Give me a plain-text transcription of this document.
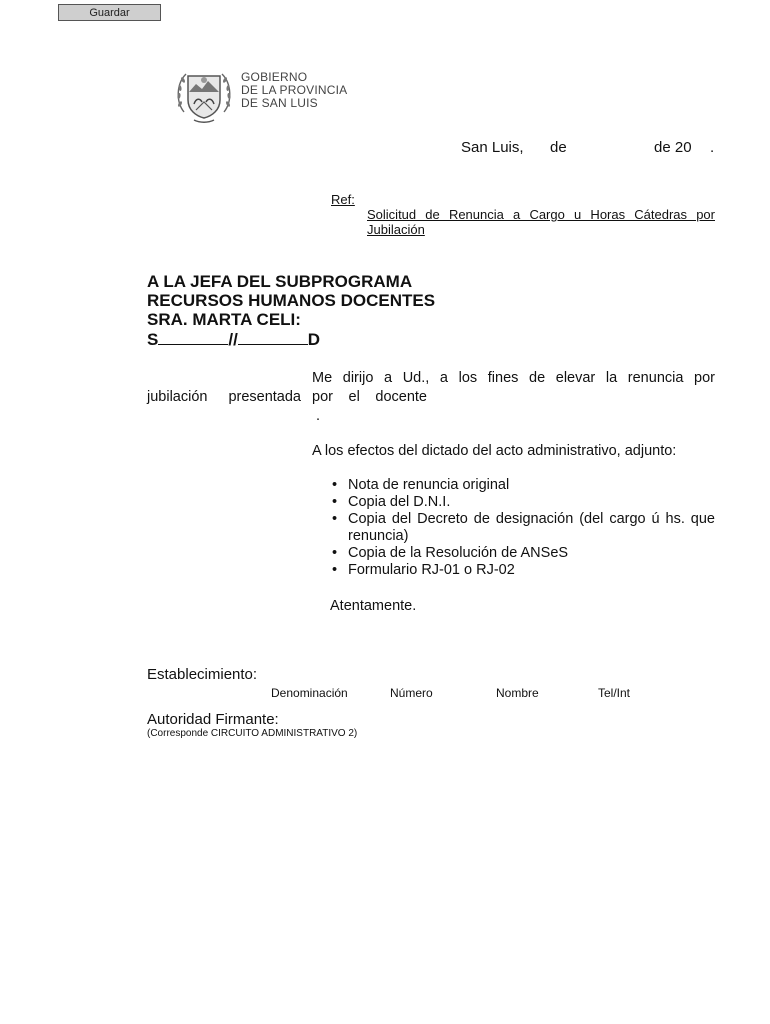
Guardar
GOBIERNO
DE LA PROVINCIA
DE SAN LUIS
San Luis, de	de 20 .
Ref:
Solicitud de Renuncia a Cargo u Horas Cátedras por
Jubilación
A LA JEFA DEL SUBPROGRAMA
RECURSOS HUMANOS DOCENTES
SRA. MARTA CELI:
S	//	D
Me dirijo a Ud., a los fines de elevar la renuncia por
jubilación presentada por el docente
.
A los efectos del dictado del acto administrativo, adjunto:
• Nota de renuncia original
• Copia del D.N.I.
• Copia del Decreto de designación (del cargo ú hs. que renuncia)
• Copia de la Resolución de ANSeS
• Formulario RJ-01 o RJ-02
Atentamente.
Establecimiento:
Denominación	Número	Nombre	Tel/Int
Autoridad Firmante:
(Corresponde CIRCUITO ADMINISTRATIVO 2)
